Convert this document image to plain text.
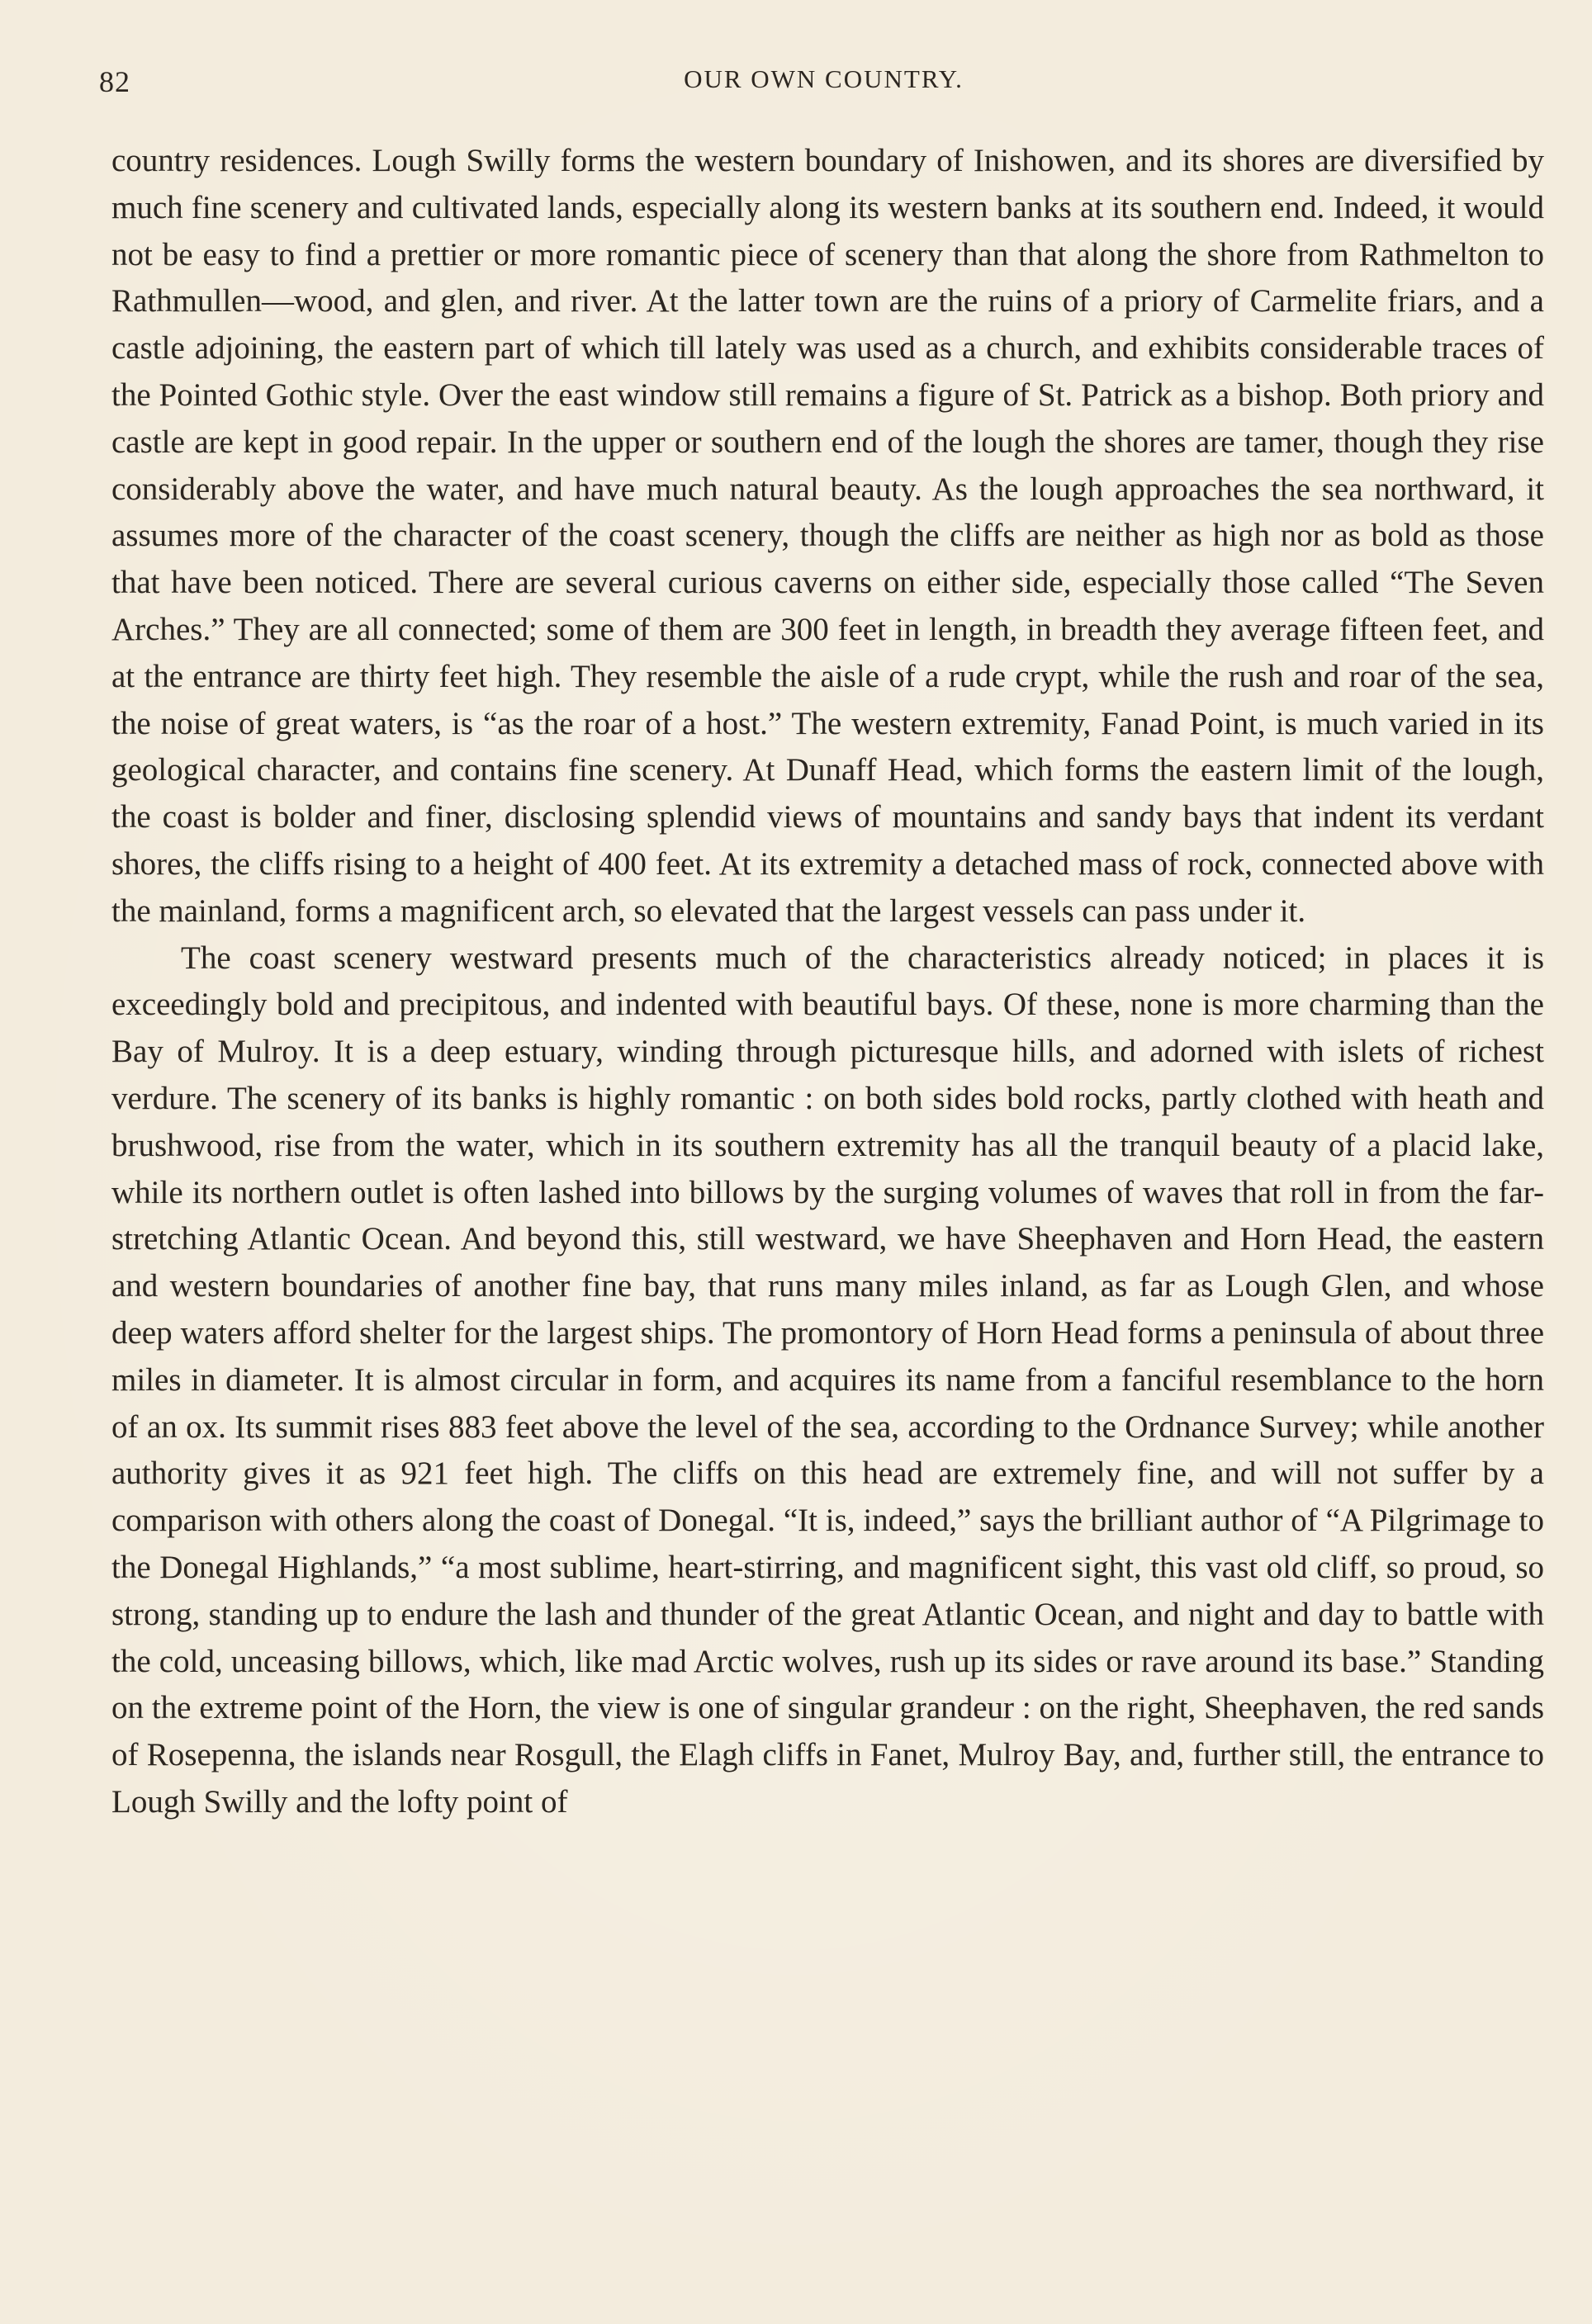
82	OUR OWN COUNTRY.

country residences. Lough Swilly forms the western boundary of Inishowen, and its shores are diversified by much fine scenery and cultivated lands, especially along its western banks at its southern end. Indeed, it would not be easy to find a prettier or more romantic piece of scenery than that along the shore from Rathmelton to Rathmullen—wood, and glen, and river. At the latter town are the ruins of a priory of Carmelite friars, and a castle adjoining, the eastern part of which till lately was used as a church, and exhibits considerable traces of the Pointed Gothic style. Over the east window still remains a figure of St. Patrick as a bishop. Both priory and castle are kept in good repair. In the upper or southern end of the lough the shores are tamer, though they rise considerably above the water, and have much natural beauty. As the lough approaches the sea northward, it assumes more of the character of the coast scenery, though the cliffs are neither as high nor as bold as those that have been noticed. There are several curious caverns on either side, especially those called “The Seven Arches.” They are all connected; some of them are 300 feet in length, in breadth they average fifteen feet, and at the entrance are thirty feet high. They resemble the aisle of a rude crypt, while the rush and roar of the sea, the noise of great waters, is “as the roar of a host.” The western extremity, Fanad Point, is much varied in its geological character, and contains fine scenery. At Dunaff Head, which forms the eastern limit of the lough, the coast is bolder and finer, disclosing splendid views of mountains and sandy bays that indent its verdant shores, the cliffs rising to a height of 400 feet. At its extremity a detached mass of rock, connected above with the mainland, forms a magnificent arch, so elevated that the largest vessels can pass under it.

The coast scenery westward presents much of the characteristics already noticed; in places it is exceedingly bold and precipitous, and indented with beautiful bays. Of these, none is more charming than the Bay of Mulroy. It is a deep estuary, winding through picturesque hills, and adorned with islets of richest verdure. The scenery of its banks is highly romantic : on both sides bold rocks, partly clothed with heath and brushwood, rise from the water, which in its southern extremity has all the tranquil beauty of a placid lake, while its northern outlet is often lashed into billows by the surging volumes of waves that roll in from the far-stretching Atlantic Ocean. And beyond this, still westward, we have Sheephaven and Horn Head, the eastern and western boundaries of another fine bay, that runs many miles inland, as far as Lough Glen, and whose deep waters afford shelter for the largest ships. The promontory of Horn Head forms a peninsula of about three miles in diameter. It is almost circular in form, and acquires its name from a fanciful resemblance to the horn of an ox. Its summit rises 883 feet above the level of the sea, according to the Ordnance Survey; while another authority gives it as 921 feet high. The cliffs on this head are extremely fine, and will not suffer by a comparison with others along the coast of Donegal. “It is, indeed,” says the brilliant author of “A Pilgrimage to the Donegal Highlands,” “a most sublime, heart-stirring, and magnificent sight, this vast old cliff, so proud, so strong, standing up to endure the lash and thunder of the great Atlantic Ocean, and night and day to battle with the cold, unceasing billows, which, like mad Arctic wolves, rush up its sides or rave around its base.” Standing on the extreme point of the Horn, the view is one of singular grandeur : on the right, Sheephaven, the red sands of Rosepenna, the islands near Rosgull, the Elagh cliffs in Fanet, Mulroy Bay, and, further still, the entrance to Lough Swilly and the lofty point of
